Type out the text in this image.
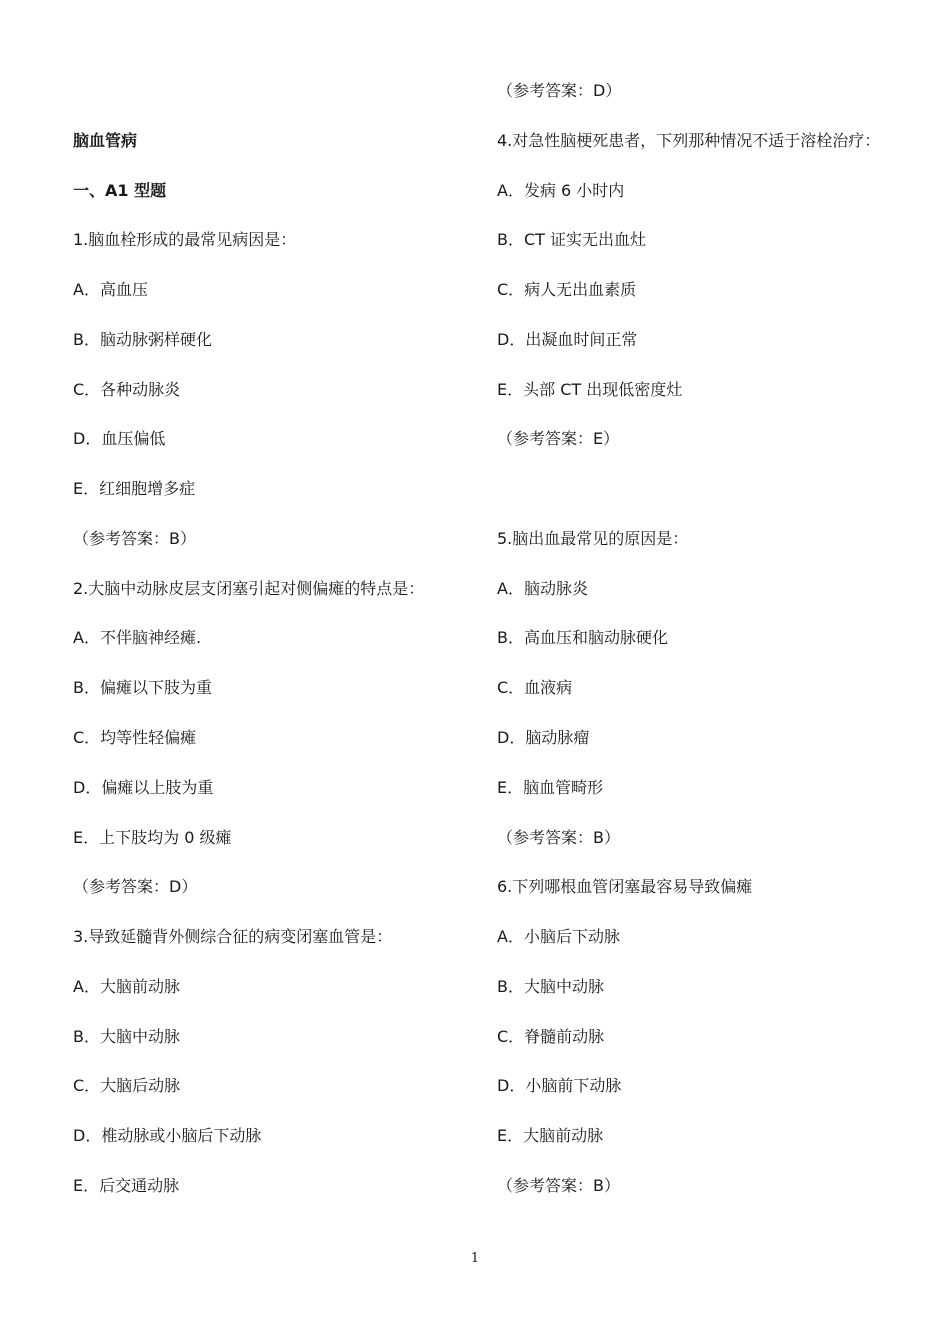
脑血管病
一、A1 型题
1.脑血栓形成的最常见病因是：
A．高血压
B．脑动脉粥样硬化
C．各种动脉炎
D．血压偏低
E．红细胞增多症
（参考答案：B）
2.大脑中动脉皮层支闭塞引起对侧偏瘫的特点是：
A．不伴脑神经瘫.
B．偏瘫以下肢为重
C．均等性轻偏瘫
D．偏瘫以上肢为重
E．上下肢均为 0 级瘫
（参考答案：D）
3.导致延髓背外侧综合征的病变闭塞血管是：
A．大脑前动脉
B．大脑中动脉
C．大脑后动脉
D．椎动脉或小脑后下动脉
E．后交通动脉
（参考答案：D）
4.对急性脑梗死患者，下列那种情况不适于溶栓治疗：
A．发病 6 小时内
B．CT 证实无出血灶
C．病人无出血素质
D．出凝血时间正常
E．头部 CT 出现低密度灶
（参考答案：E）
5.脑出血最常见的原因是：
A．脑动脉炎
B．高血压和脑动脉硬化
C．血液病
D．脑动脉瘤
E．脑血管畸形
（参考答案：B）
6.下列哪根血管闭塞最容易导致偏瘫
A．小脑后下动脉
B．大脑中动脉
C．脊髓前动脉
D．小脑前下动脉
E．大脑前动脉
（参考答案：B）
1
